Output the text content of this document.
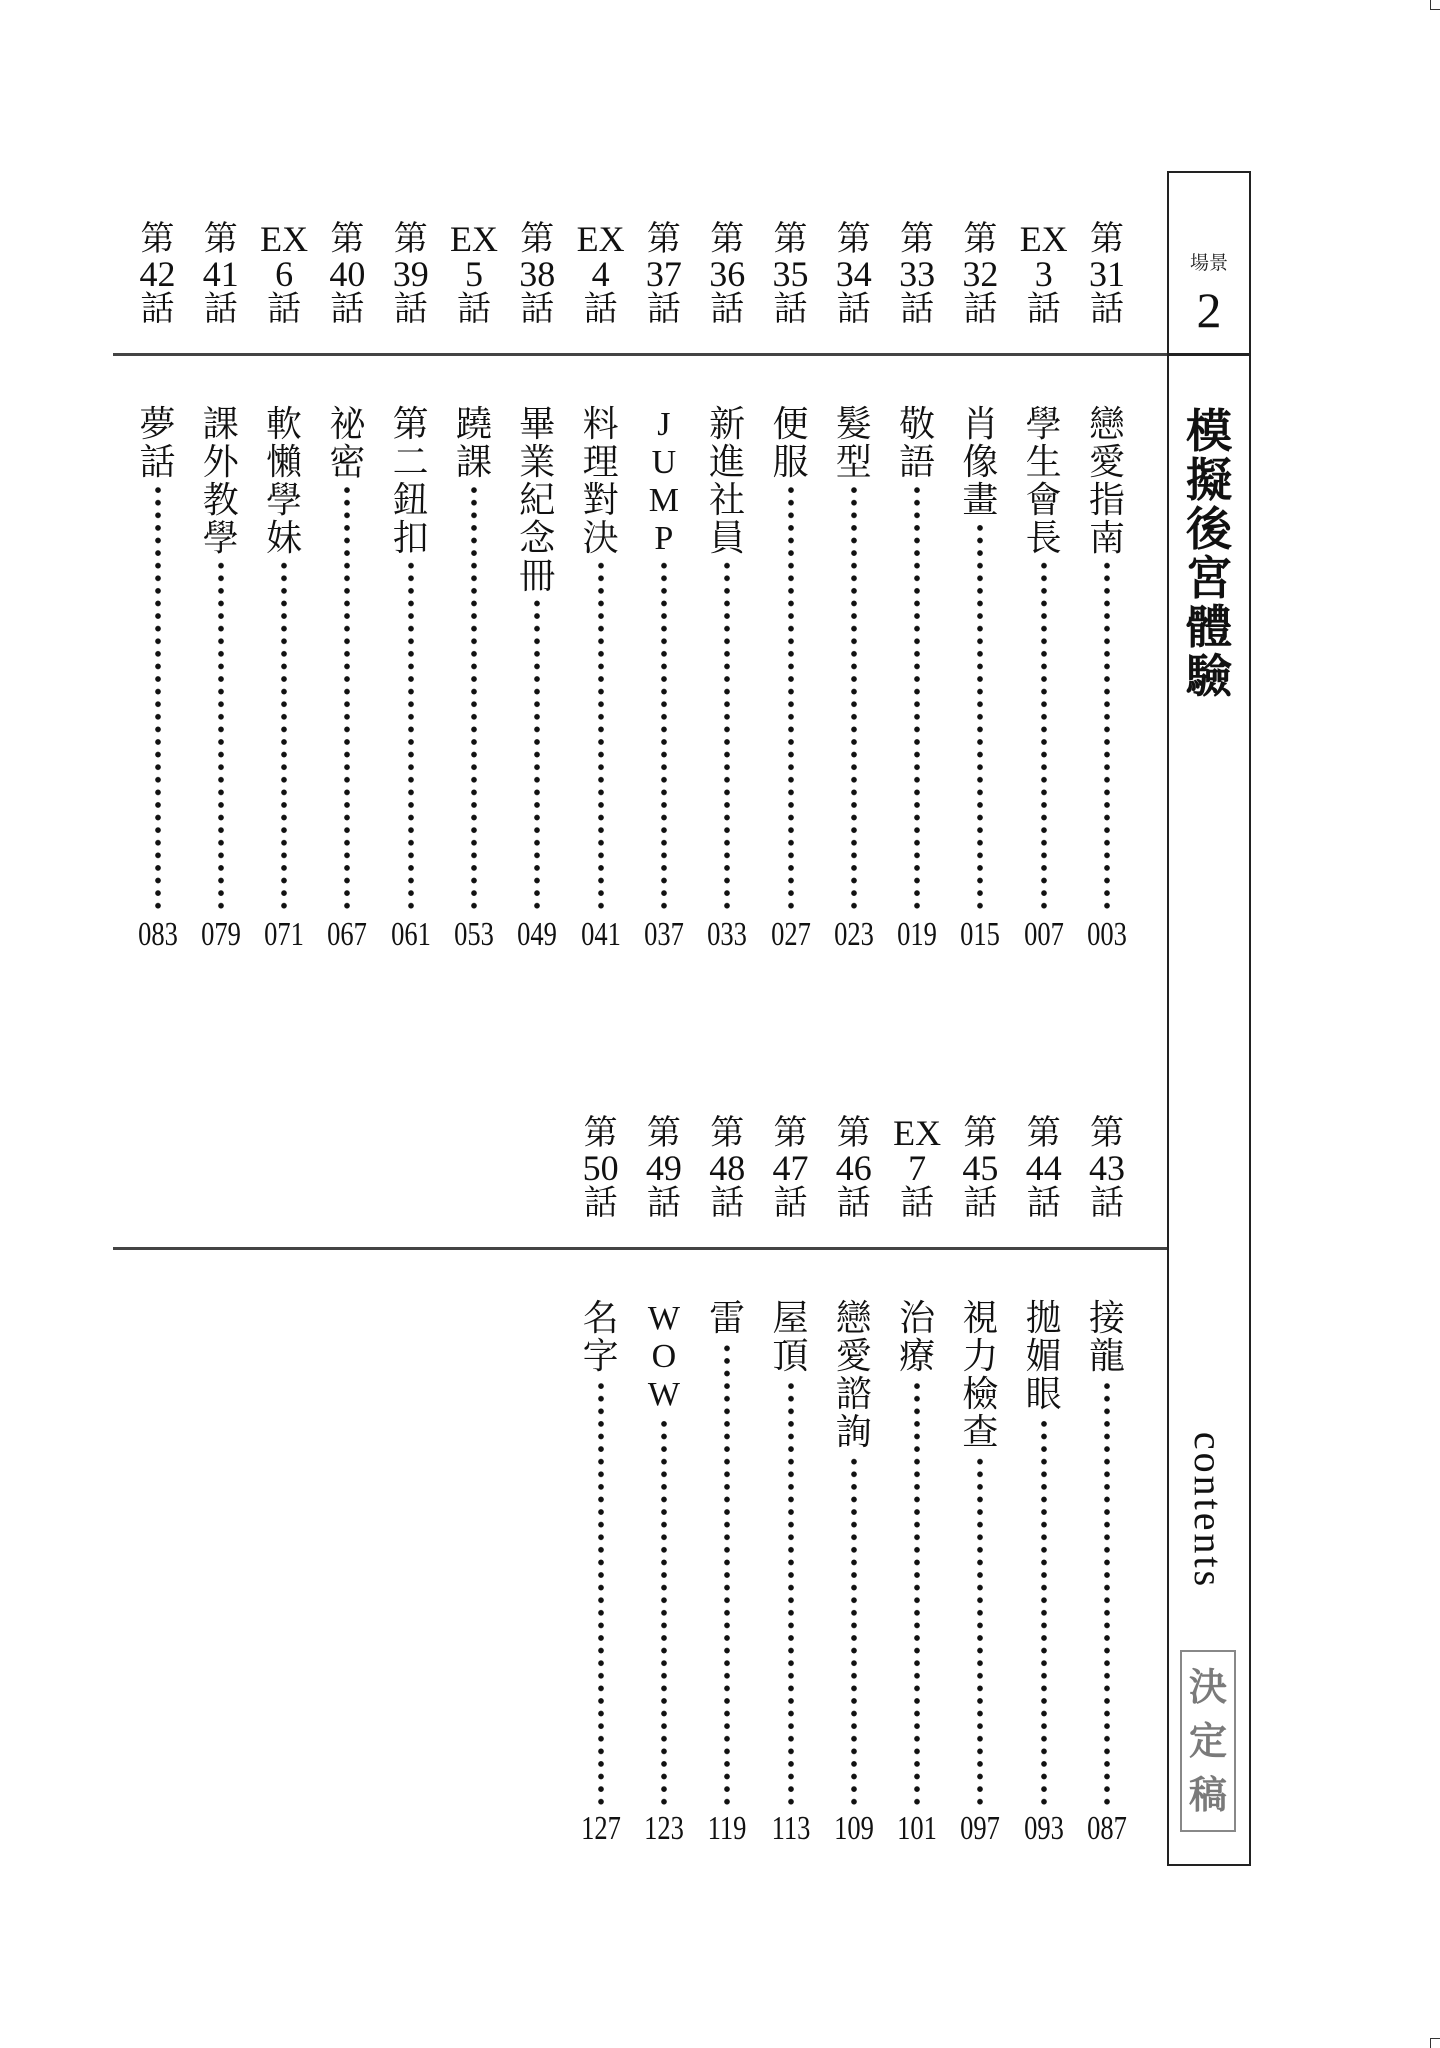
場景
2
模
擬
後
宮
體
驗
contents
決
定
稿
第
31
話
戀
愛
指
南
003
EX
3
話
學
生
會
長
007
第
32
話
肖
像
畫
015
第
33
話
敬
語
019
第
34
話
髮
型
023
第
35
話
便
服
027
第
36
話
新
進
社
員
033
第
37
話
J
U
M
P
037
EX
4
話
料
理
對
決
041
第
38
話
畢
業
紀
念
冊
049
EX
5
話
蹺
課
053
第
39
話
第
二
鈕
扣
061
第
40
話
祕
密
067
EX
6
話
軟
懶
學
妹
071
第
41
話
課
外
教
學
079
第
42
話
夢
話
083
第
43
話
接
龍
087
第
44
話
拋
媚
眼
093
第
45
話
視
力
檢
查
097
EX
7
話
治
療
101
第
46
話
戀
愛
諮
詢
109
第
47
話
屋
頂
113
第
48
話
雷
119
第
49
話
W
O
W
123
第
50
話
名
字
127
